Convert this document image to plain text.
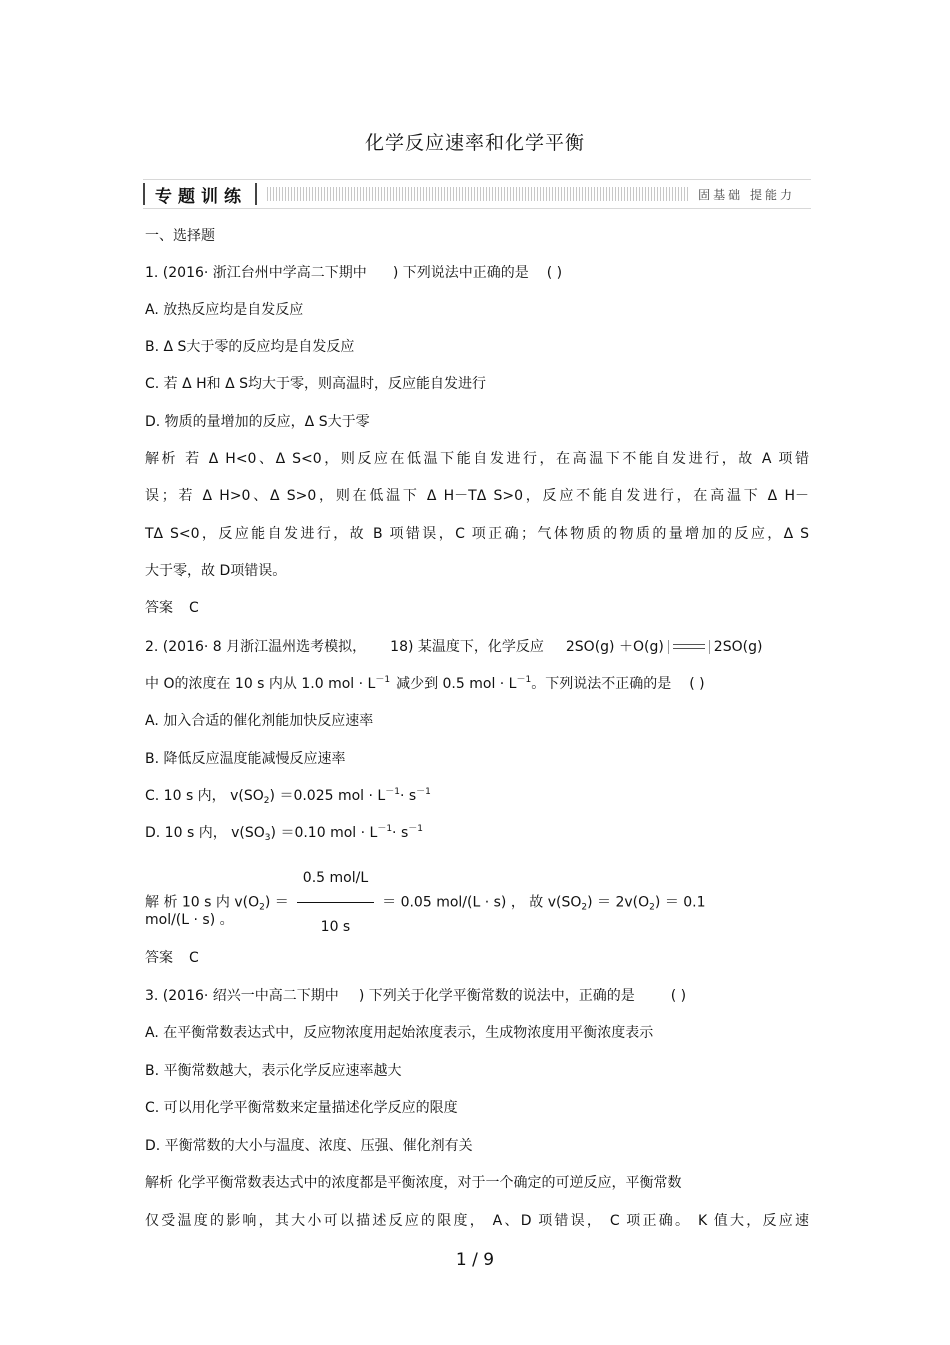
化学反应速率和化学平衡
专题训练	固基础 提能力
一、选择题
1. (2016· 浙江台州中学高二下期中 ) 下列说法中正确的是 ( )
A. 放热反应均是自发反应
B. Δ S大于零的反应均是自发反应
C. 若 Δ H和 Δ S均大于零，则高温时，反应能自发进行
D. 物质的量增加的反应，Δ S大于零
解析 若 Δ H<0、Δ S<0，则反应在低温下能自发进行，在高温下不能自发进行，故 A 项错
误；若 Δ H>0、Δ S>0，则在低温下 Δ H－TΔ S>0，反应不能自发进行，在高温下 Δ H－
TΔ S<0，反应能自发进行，故 B 项错误，C 项正确；气体物质的物质的量增加的反应，Δ S
大于零，故 D项错误。
答案 C
2. (2016· 8 月浙江温州选考模拟， 18) 某温度下，化学反应 2SO(g) ＋O(g)	2SO(g)
中 O的浓度在 10 s 内从 1.0 mol · $L^{-1}$ 减少到 0.5 mol · $L^{-1}$。下列说法不正确的是 ( )
A. 加入合适的催化剂能加快反应速率
B. 降低反应温度能减慢反应速率
C. 10 s 内， $v(SO_2) =0.025$ mol · $L^{-1}\cdot s^{-1}$
D. 10 s 内， $v(SO_3) =0.10$ mol · $L^{-1}\cdot s^{-1}$
解 析 10 s 内 $v(O_2) = \frac{\text{0.5 mol/L}}{10 s} = 0.05$ mol/(L · s) ， 故 $v(SO_2) = 2v(O_2) = 0.1$
mol/(L · s) 。
答案 C
3. (2016· 绍兴一中高二下期中 ) 下列关于化学平衡常数的说法中，正确的是	( )
A. 在平衡常数表达式中，反应物浓度用起始浓度表示，生成物浓度用平衡浓度表示
B. 平衡常数越大，表示化学反应速率越大
C. 可以用化学平衡常数来定量描述化学反应的限度
D. 平衡常数的大小与温度、浓度、压强、催化剂有关
解析 化学平衡常数表达式中的浓度都是平衡浓度，对于一个确定的可逆反应，平衡常数
仅受温度的影响，其大小可以描述反应的限度， A、D 项错误， C 项正确。 K 值大，反应速
1 / 9
